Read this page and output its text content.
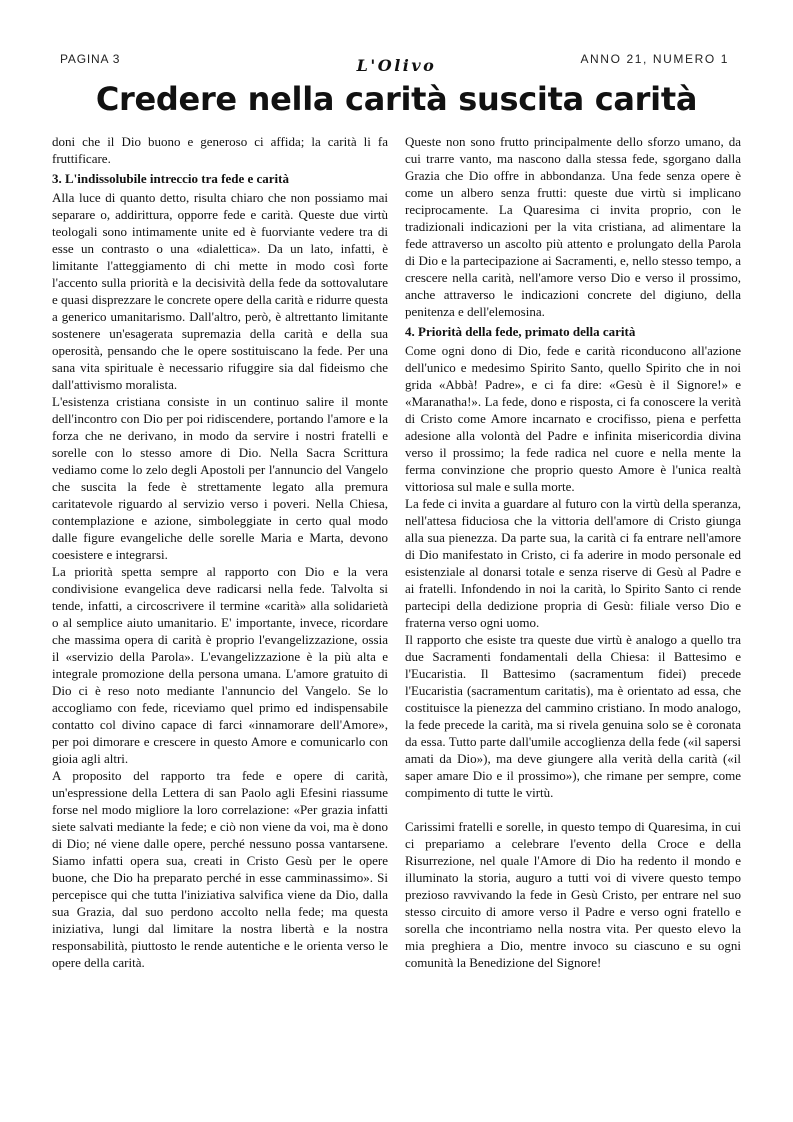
PAGINA 3	L'Olivo	ANNO 21, NUMERO 1
Credere nella carità suscita carità

doni che il Dio buono e generoso ci affida; la carità li fa fruttificare.

3. L'indissolubile intreccio tra fede e carità

Alla luce di quanto detto, risulta chiaro che non possiamo mai separare o, addirittura, opporre fede e carità. Queste due virtù teologali sono intimamente unite ed è fuorviante vedere tra di esse un contrasto o una «dialettica». Da un lato, infatti, è limitante l'atteggiamento di chi mette in modo così forte l'accento sulla priorità e la decisività della fede da sottovalutare e quasi disprezzare le concrete opere della carità e ridurre questa a generico umanitarismo. Dall'altro, però, è altrettanto limitante sostenere un'esagerata supremazia della carità e della sua operosità, pensando che le opere sostituiscano la fede. Per una sana vita spirituale è necessario rifuggire sia dal fideismo che dall'attivismo moralista.

L'esistenza cristiana consiste in un continuo salire il monte dell'incontro con Dio per poi ridiscendere, portando l'amore e la forza che ne derivano, in modo da servire i nostri fratelli e sorelle con lo stesso amore di Dio. Nella Sacra Scrittura vediamo come lo zelo degli Apostoli per l'annuncio del Vangelo che suscita la fede è strettamente legato alla premura caritatevole riguardo al servizio verso i poveri. Nella Chiesa, contemplazione e azione, simboleggiate in certo qual modo dalle figure evangeliche delle sorelle Maria e Marta, devono coesistere e integrarsi.

La priorità spetta sempre al rapporto con Dio e la vera condivisione evangelica deve radicarsi nella fede. Talvolta si tende, infatti, a circoscrivere il termine «carità» alla solidarietà o al semplice aiuto umanitario. E' importante, invece, ricordare che massima opera di carità è proprio l'evangelizzazione, ossia il «servizio della Parola». L'evangelizzazione è la più alta e integrale promozione della persona umana. L'amore gratuito di Dio ci è reso noto mediante l'annuncio del Vangelo. Se lo accogliamo con fede, riceviamo quel primo ed indispensabile contatto col divino capace di farci «innamorare dell'Amore», per poi dimorare e crescere in questo Amore e comunicarlo con gioia agli altri.

A proposito del rapporto tra fede e opere di carità, un'espressione della Lettera di san Paolo agli Efesini riassume forse nel modo migliore la loro correlazione: «Per grazia infatti siete salvati mediante la fede; e ciò non viene da voi, ma è dono di Dio; né viene dalle opere, perché nessuno possa vantarsene. Siamo infatti opera sua, creati in Cristo Gesù per le opere buone, che Dio ha preparato perché in esse camminassimo». Si percepisce qui che tutta l'iniziativa salvifica viene da Dio, dalla sua Grazia, dal suo perdono accolto nella fede; ma questa iniziativa, lungi dal limitare la nostra libertà e la nostra responsabilità, piuttosto le rende autentiche e le orienta verso le opere della carità.

Queste non sono frutto principalmente dello sforzo umano, da cui trarre vanto, ma nascono dalla stessa fede, sgorgano dalla Grazia che Dio offre in abbondanza. Una fede senza opere è come un albero senza frutti: queste due virtù si implicano reciprocamente. La Quaresima ci invita proprio, con le tradizionali indicazioni per la vita cristiana, ad alimentare la fede attraverso un ascolto più attento e prolungato della Parola di Dio e la partecipazione ai Sacramenti, e, nello stesso tempo, a crescere nella carità, nell'amore verso Dio e verso il prossimo, anche attraverso le indicazioni concrete del digiuno, della penitenza e dell'elemosina.

4. Priorità della fede, primato della carità

Come ogni dono di Dio, fede e carità riconducono all'azione dell'unico e medesimo Spirito Santo, quello Spirito che in noi grida «Abbà! Padre», e ci fa dire: «Gesù è il Signore!» e «Maranatha!». La fede, dono e risposta, ci fa conoscere la verità di Cristo come Amore incarnato e crocifisso, piena e perfetta adesione alla volontà del Padre e infinita misericordia divina verso il prossimo; la fede radica nel cuore e nella mente la ferma convinzione che proprio questo Amore è l'unica realtà vittoriosa sul male e sulla morte.

La fede ci invita a guardare al futuro con la virtù della speranza, nell'attesa fiduciosa che la vittoria dell'amore di Cristo giunga alla sua pienezza. Da parte sua, la carità ci fa entrare nell'amore di Dio manifestato in Cristo, ci fa aderire in modo personale ed esistenziale al donarsi totale e senza riserve di Gesù al Padre e ai fratelli. Infondendo in noi la carità, lo Spirito Santo ci rende partecipi della dedizione propria di Gesù: filiale verso Dio e fraterna verso ogni uomo.

Il rapporto che esiste tra queste due virtù è analogo a quello tra due Sacramenti fondamentali della Chiesa: il Battesimo e l'Eucaristia. Il Battesimo (sacramentum fidei) precede l'Eucaristia (sacramentum caritatis), ma è orientato ad essa, che costituisce la pienezza del cammino cristiano. In modo analogo, la fede precede la carità, ma si rivela genuina solo se è coronata da essa. Tutto parte dall'umile accoglienza della fede («il sapersi amati da Dio»), ma deve giungere alla verità della carità («il saper amare Dio e il prossimo»), che rimane per sempre, come compimento di tutte le virtù.

Carissimi fratelli e sorelle, in questo tempo di Quaresima, in cui ci prepariamo a celebrare l'evento della Croce e della Risurrezione, nel quale l'Amore di Dio ha redento il mondo e illuminato la storia, auguro a tutti voi di vivere questo tempo prezioso ravvivando la fede in Gesù Cristo, per entrare nel suo stesso circuito di amore verso il Padre e verso ogni fratello e sorella che incontriamo nella nostra vita. Per questo elevo la mia preghiera a Dio, mentre invoco su ciascuno e su ogni comunità la Benedizione del Signore!
